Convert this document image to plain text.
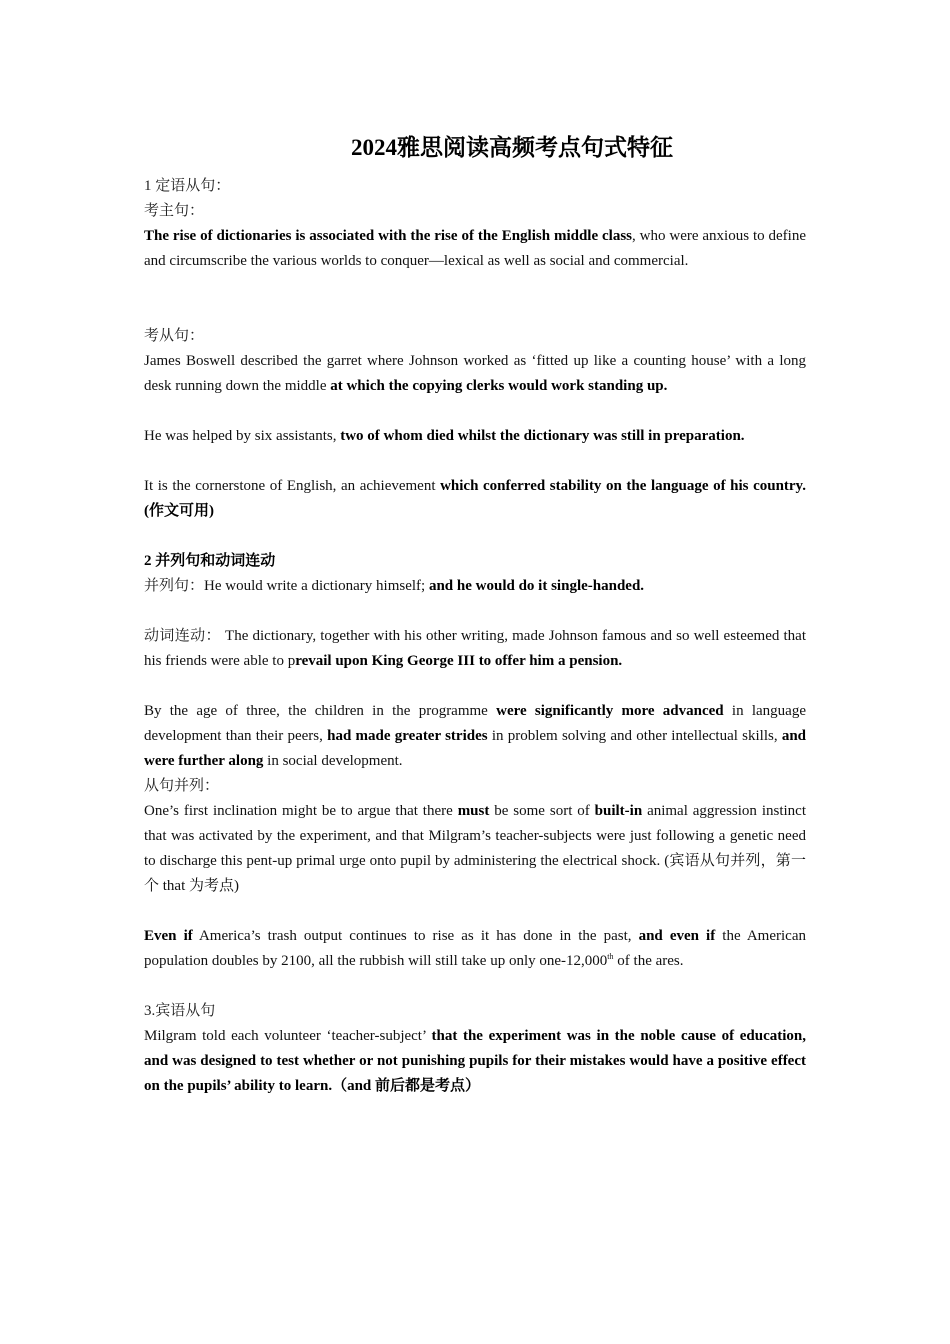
2024雅思阅读高频考点句式特征

1 定语从句：

考主句：

The rise of dictionaries is associated with the rise of the English middle class, who were anxious to define and circumscribe the various worlds to conquer—lexical as well as social and commercial.

考从句：

James Boswell described the garret where Johnson worked as ‘fitted up like a counting house’ with a long desk running down the middle at which the copying clerks would work standing up.

He was helped by six assistants, two of whom died whilst the dictionary was still in preparation.

It is the cornerstone of English, an achievement which conferred stability on the language of his country. (作文可用)

2 并列句和动词连动

并列句：He would write a dictionary himself; and he would do it single-handed.

动词连动： The dictionary, together with his other writing, made Johnson famous and so well esteemed that his friends were able to prevail upon King George III to offer him a pension.

By the age of three, the children in the programme were significantly more advanced in language development than their peers, had made greater strides in problem solving and other intellectual skills, and were further along in social development.

从句并列：

One’s first inclination might be to argue that there must be some sort of built-in animal aggression instinct that was activated by the experiment, and that Milgram’s teacher-subjects were just following a genetic need to discharge this pent-up primal urge onto pupil by administering the electrical shock. (宾语从句并列，第一个 that 为考点)

Even if America’s trash output continues to rise as it has done in the past, and even if the American population doubles by 2100, all the rubbish will still take up only one-12,000th of the ares.

3.宾语从句

Milgram told each volunteer ‘teacher-subject’ that the experiment was in the noble cause of education, and was designed to test whether or not punishing pupils for their mistakes would have a positive effect on the pupils’ ability to learn.（and 前后都是考点）
